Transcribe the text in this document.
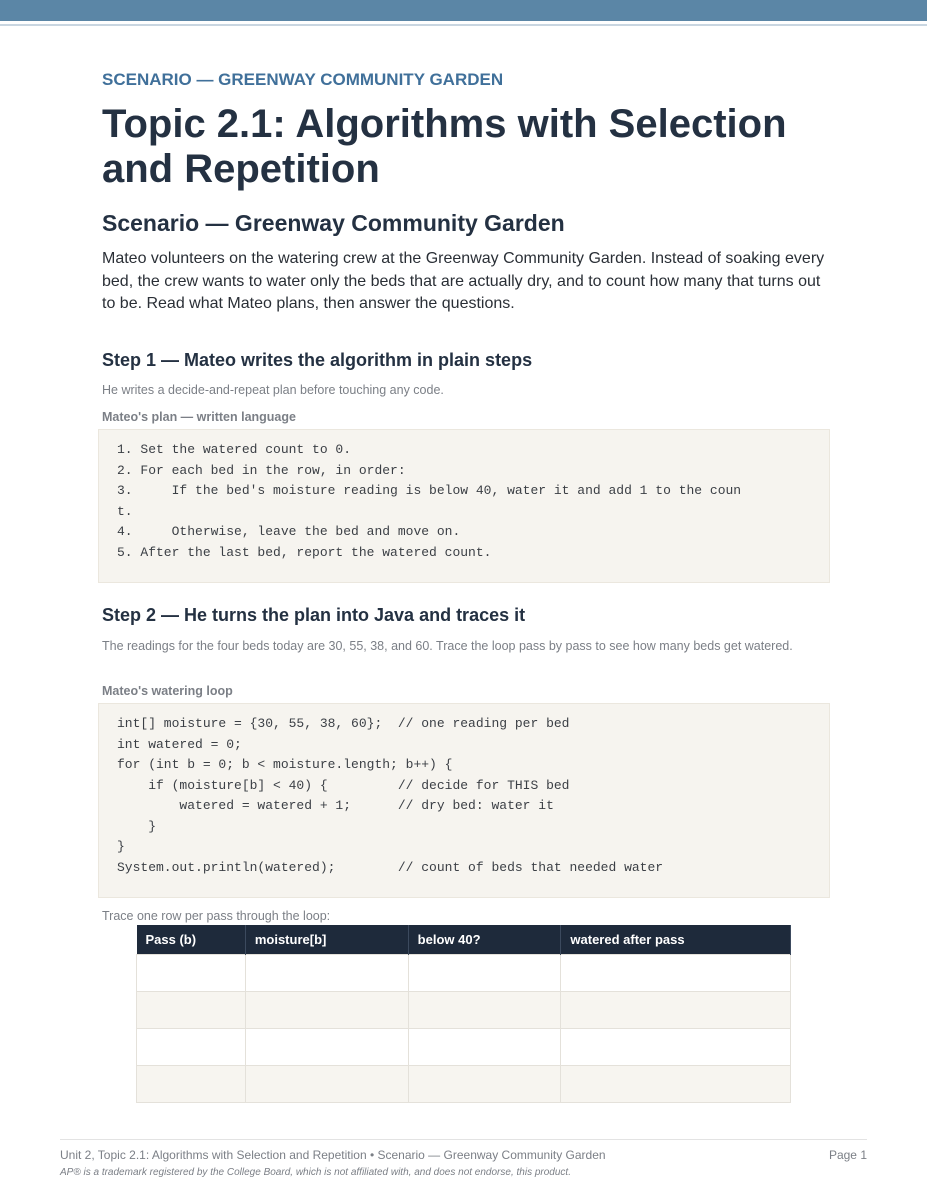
SCENARIO — GREENWAY COMMUNITY GARDEN
Topic 2.1: Algorithms with Selection and Repetition
Scenario — Greenway Community Garden

Mateo volunteers on the watering crew at the Greenway Community Garden. Instead of soaking every bed, the crew wants to water only the beds that are actually dry, and to count how many that turns out to be. Read what Mateo plans, then answer the questions.

Step 1 — Mateo writes the algorithm in plain steps

He writes a decide-and-repeat plan before touching any code.

Mateo's plan — written language
1. Set the watered count to 0.
2. For each bed in the row, in order:
3.     If the bed's moisture reading is below 40, water it and add 1 to the coun
t.
4.     Otherwise, leave the bed and move on.
5. After the last bed, report the watered count.
Step 2 — He turns the plan into Java and traces it

The readings for the four beds today are 30, 55, 38, and 60. Trace the loop pass by pass to see how many beds get watered.

Mateo's watering loop
int[] moisture = {30, 55, 38, 60};  // one reading per bed
int watered = 0;
for (int b = 0; b < moisture.length; b++) {
if (moisture[b] < 40) {         // decide for THIS bed
watered = watered + 1;      // dry bed: water it
}
}
System.out.println(watered);        // count of beds that needed water
Trace one row per pass through the loop:
Pass (b)	moisture[b]	below 40?	watered after pass

Unit 2, Topic 2.1: Algorithms with Selection and Repetition • Scenario — Greenway Community Garden	Page 1
AP® is a trademark registered by the College Board, which is not affiliated with, and does not endorse, this product.
